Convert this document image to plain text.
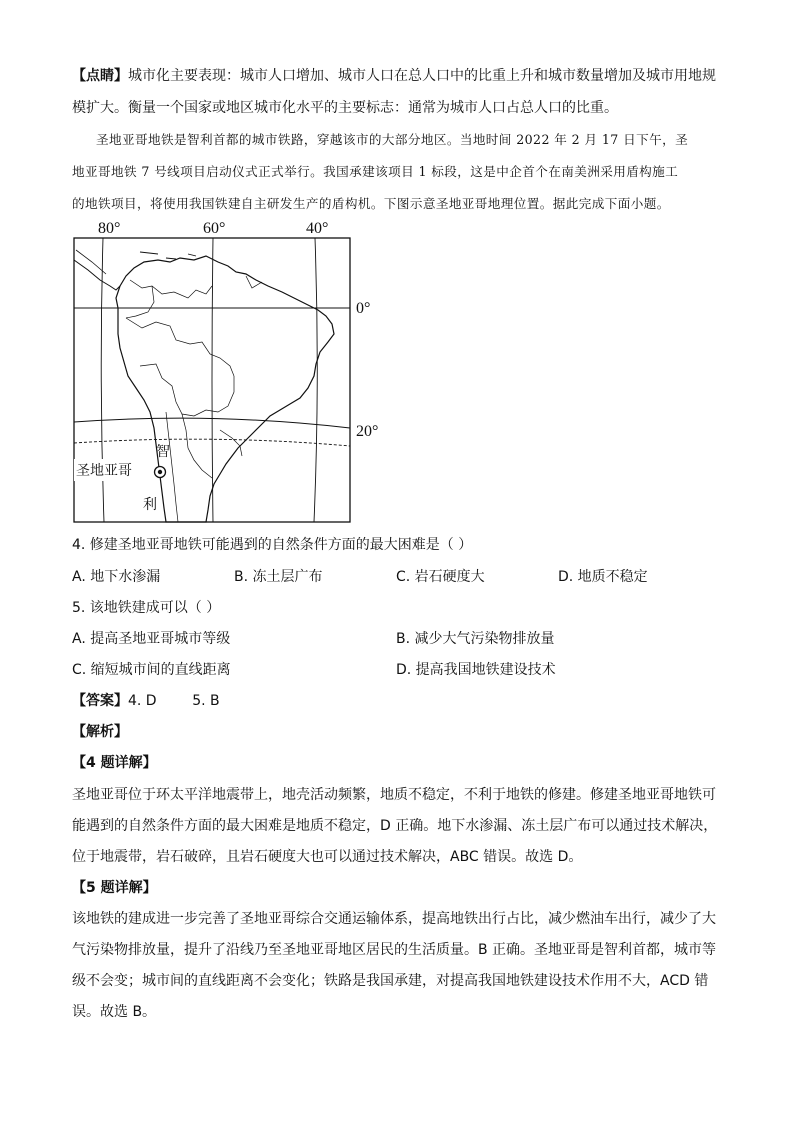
【点睛】城市化主要表现：城市人口增加、城市人口在总人口中的比重上升和城市数量增加及城市用地规
模扩大。衡量一个国家或地区城市化水平的主要标志：通常为城市人口占总人口的比重。
圣地亚哥地铁是智利首都的城市铁路，穿越该市的大部分地区。当地时间 2022 年 2 月 17 日下午，圣
地亚哥地铁 7 号线项目启动仪式正式举行。我国承建该项目 1 标段，这是中企首个在南美洲采用盾构施工
的地铁项目，将使用我国铁建自主研发生产的盾构机。下图示意圣地亚哥地理位置。据此完成下面小题。
80°	60°	40°
0°
20°
智
利
圣地亚哥
4. 修建圣地亚哥地铁可能遇到的自然条件方面的最大困难是（ ）
A. 地下水渗漏	B. 冻土层广布	C. 岩石硬度大	D. 地质不稳定
5. 该地铁建成可以（ ）
A. 提高圣地亚哥城市等级	B. 减少大气污染物排放量
C. 缩短城市间的直线距离	D. 提高我国地铁建设技术
【答案】4. D        5. B
【解析】
【4 题详解】
圣地亚哥位于环太平洋地震带上，地壳活动频繁，地质不稳定，不利于地铁的修建。修建圣地亚哥地铁可
能遇到的自然条件方面的最大困难是地质不稳定，D 正确。地下水渗漏、冻土层广布可以通过技术解决，
位于地震带，岩石破碎，且岩石硬度大也可以通过技术解决，ABC 错误。故选 D。
【5 题详解】
该地铁的建成进一步完善了圣地亚哥综合交通运输体系，提高地铁出行占比，减少燃油车出行，减少了大
气污染物排放量，提升了沿线乃至圣地亚哥地区居民的生活质量。B 正确。圣地亚哥是智利首都，城市等
级不会变；城市间的直线距离不会变化；铁路是我国承建，对提高我国地铁建设技术作用不大，ACD 错
误。故选 B。
